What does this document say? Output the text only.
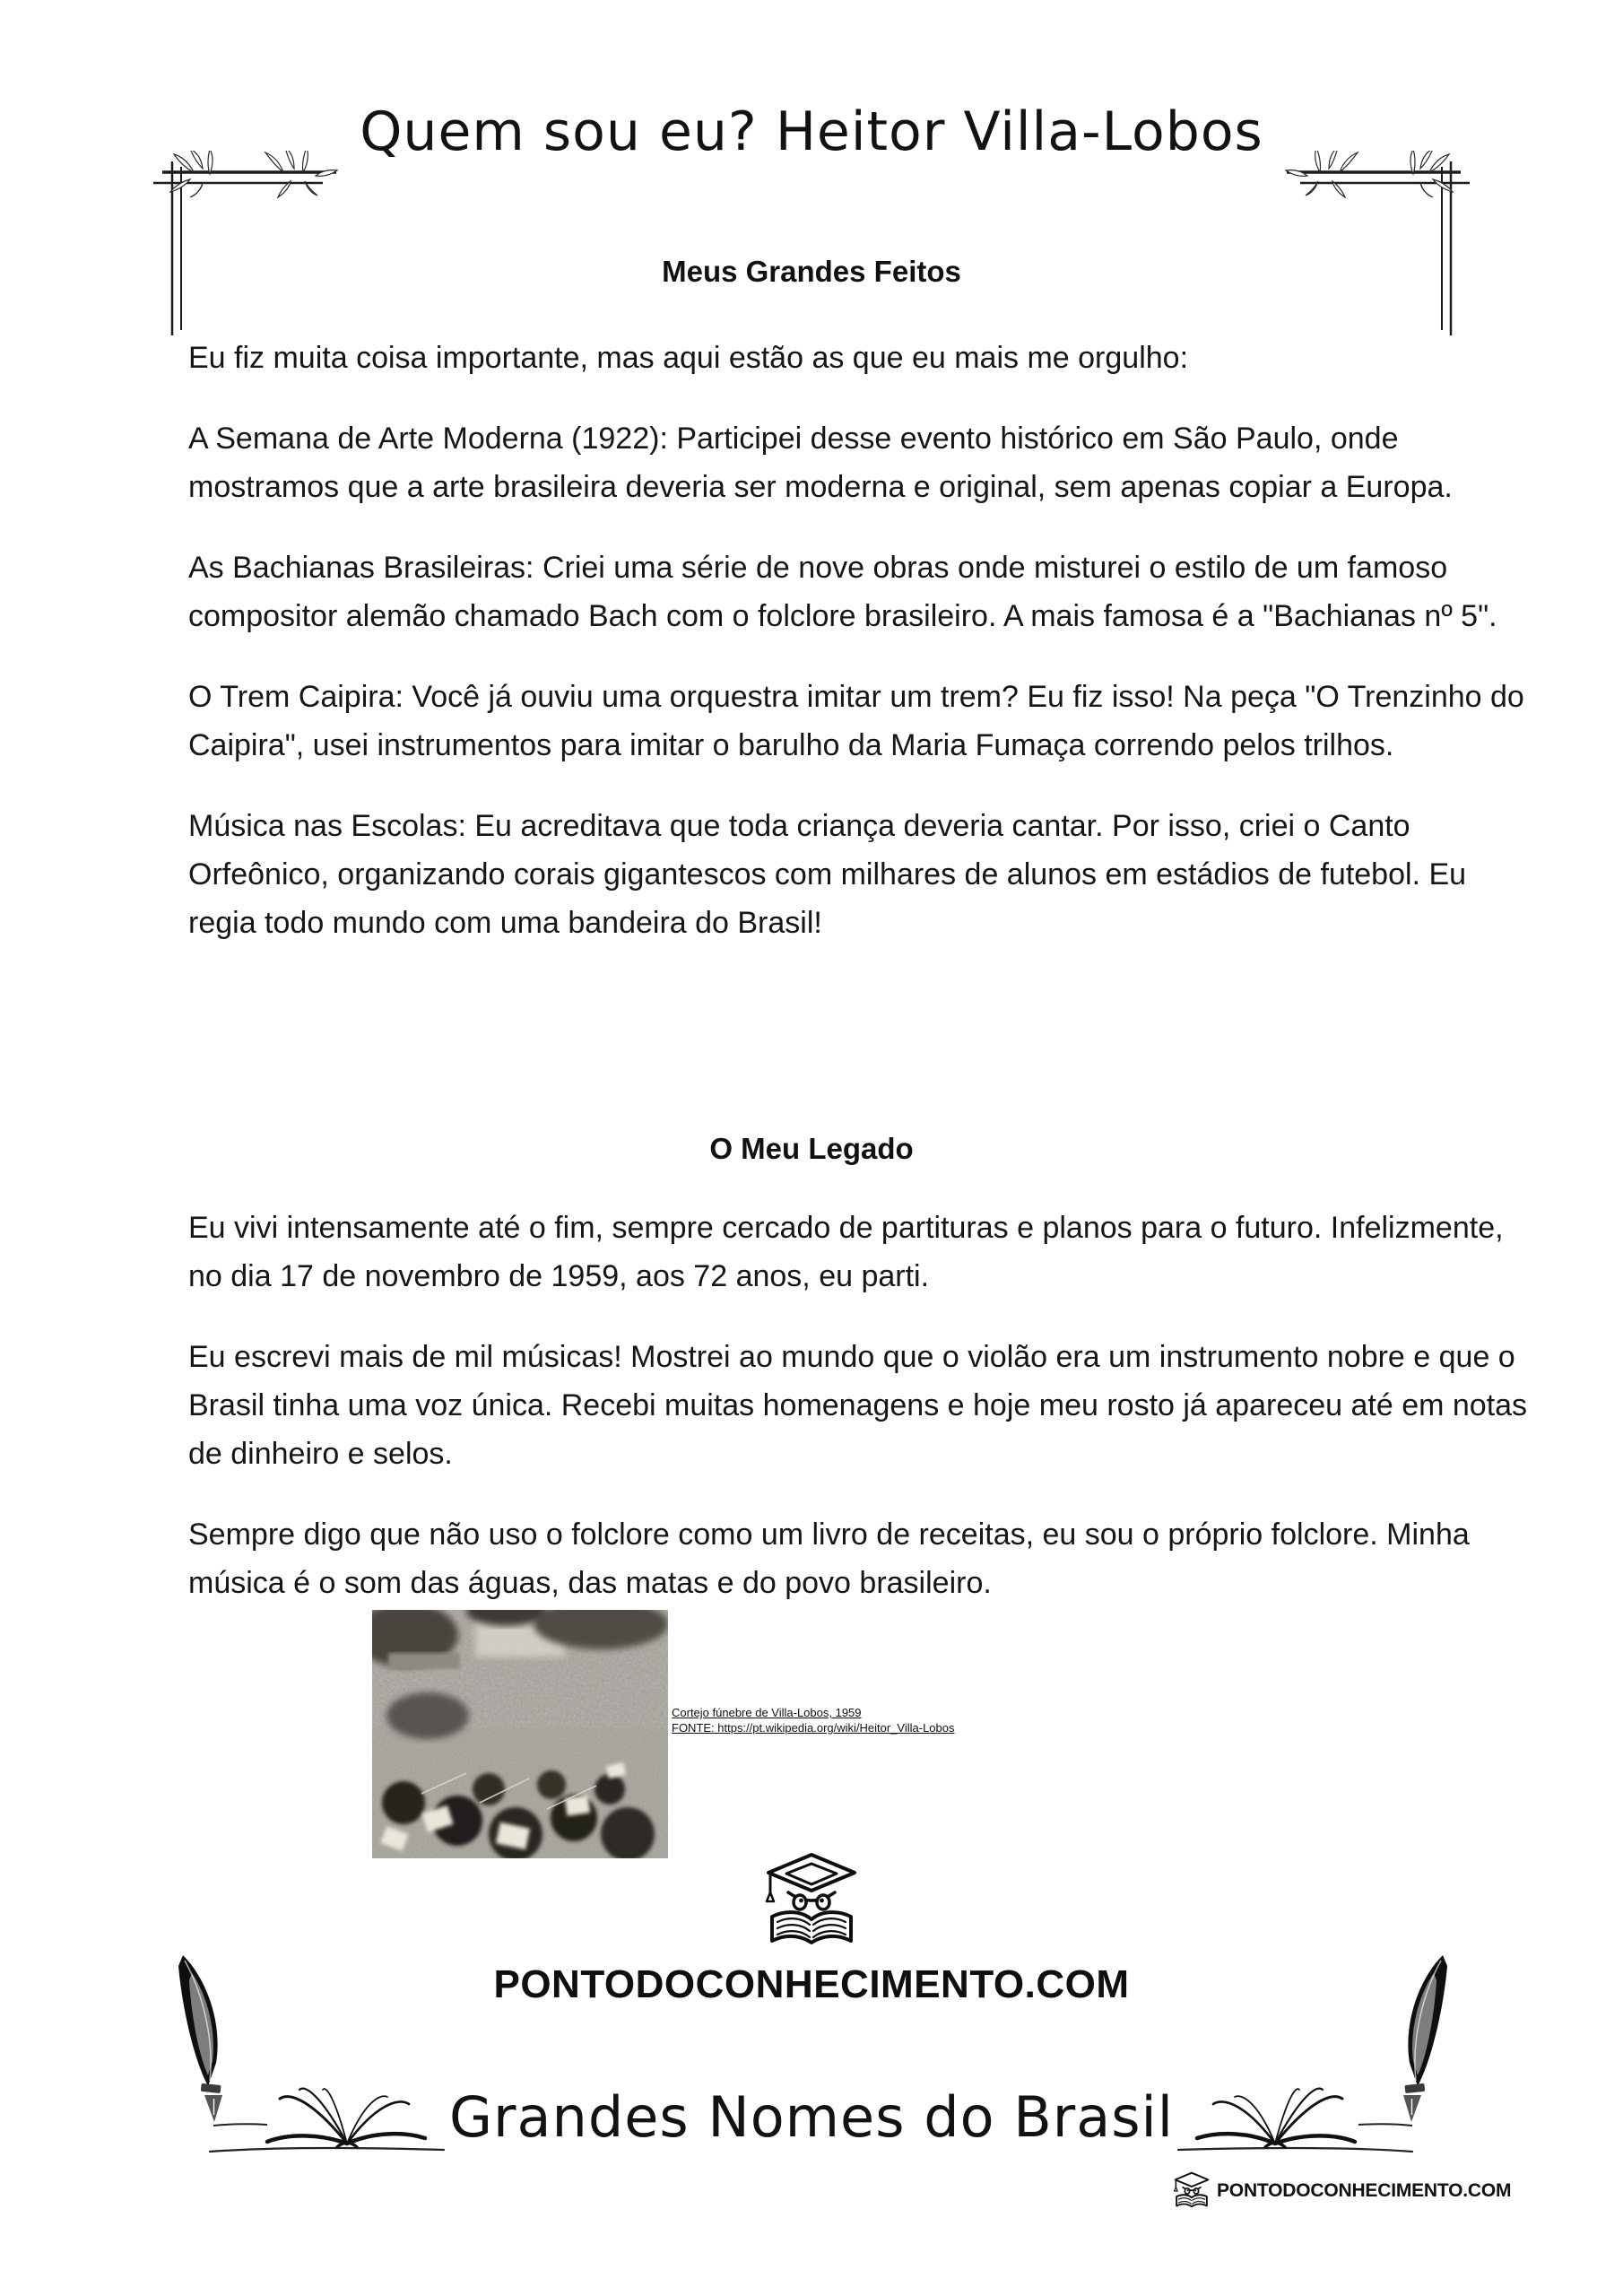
Quem sou eu? Heitor Villa-Lobos
Meus Grandes Feitos

Eu fiz muita coisa importante, mas aqui estão as que eu mais me orgulho:

A Semana de Arte Moderna (1922): Participei desse evento histórico em São Paulo, onde mostramos que a arte brasileira deveria ser moderna e original, sem apenas copiar a Europa.

As Bachianas Brasileiras: Criei uma série de nove obras onde misturei o estilo de um famoso compositor alemão chamado Bach com o folclore brasileiro. A mais famosa é a "Bachianas nº 5".

O Trem Caipira: Você já ouviu uma orquestra imitar um trem? Eu fiz isso! Na peça "O Trenzinho do Caipira", usei instrumentos para imitar o barulho da Maria Fumaça correndo pelos trilhos.

Música nas Escolas: Eu acreditava que toda criança deveria cantar. Por isso, criei o Canto Orfeônico, organizando corais gigantescos com milhares de alunos em estádios de futebol. Eu regia todo mundo com uma bandeira do Brasil!

O Meu Legado

Eu vivi intensamente até o fim, sempre cercado de partituras e planos para o futuro. Infelizmente, no dia 17 de novembro de 1959, aos 72 anos, eu parti.

Eu escrevi mais de mil músicas! Mostrei ao mundo que o violão era um instrumento nobre e que o Brasil tinha uma voz única. Recebi muitas homenagens e hoje meu rosto já apareceu até em notas de dinheiro e selos.

Sempre digo que não uso o folclore como um livro de receitas, eu sou o próprio folclore. Minha música é o som das águas, das matas e do povo brasileiro.

Cortejo fúnebre de Villa-Lobos, 1959
FONTE: https://pt.wikipedia.org/wiki/Heitor_Villa-Lobos
PONTODOCONHECIMENTO.COM
Grandes Nomes do Brasil
PONTODOCONHECIMENTO.COM
